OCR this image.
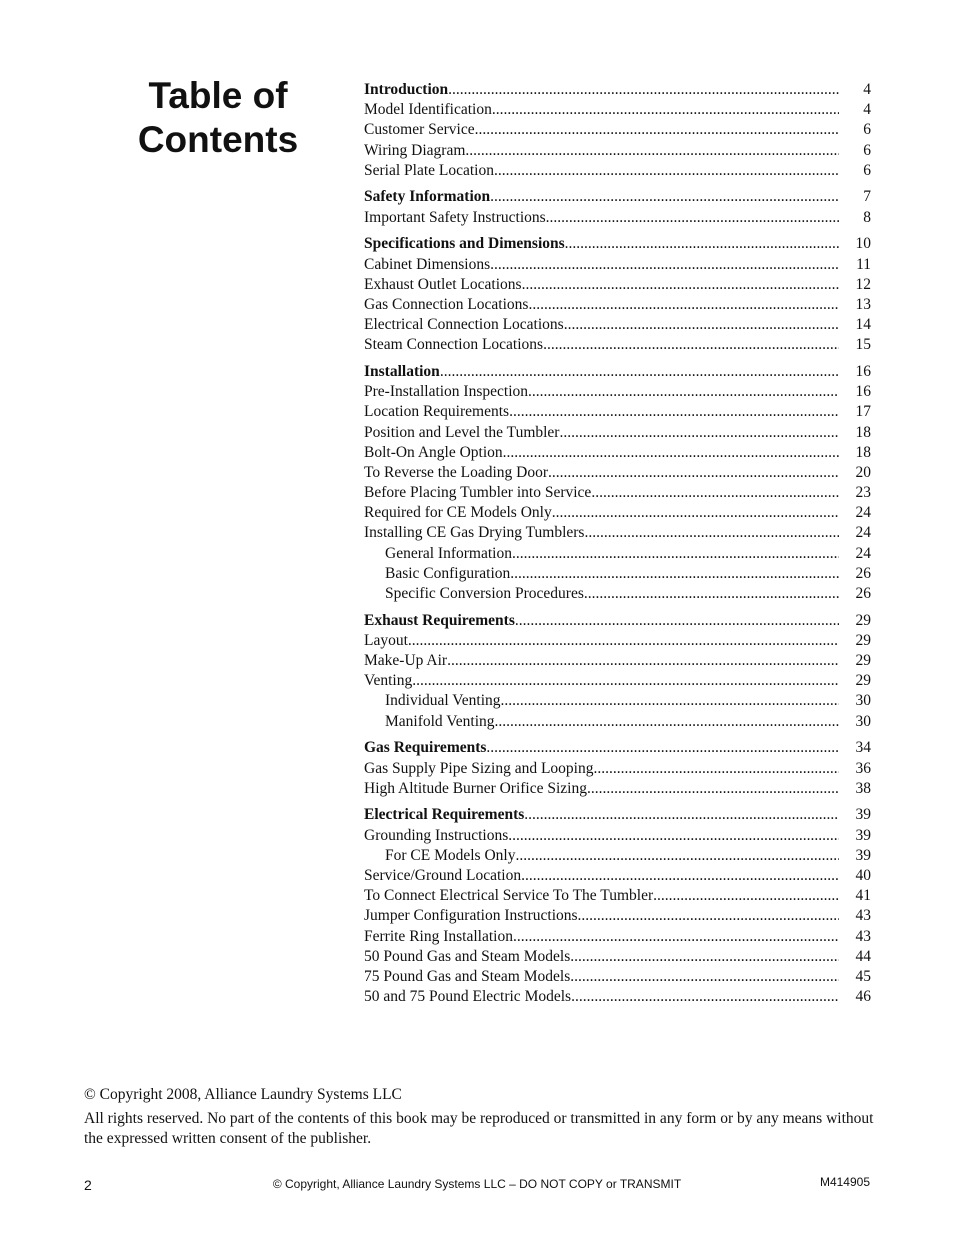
Table of
Contents
Introduction .....	4
Model Identification .....	4
Customer Service .....	6
Wiring Diagram .....	6
Serial Plate Location .....	6
Safety Information .....	7
Important Safety Instructions .....	8
Specifications and Dimensions .....	10
Cabinet Dimensions .....	11
Exhaust Outlet Locations .....	12
Gas Connection Locations .....	13
Electrical Connection Locations .....	14
Steam Connection Locations .....	15
Installation .....	16
Pre-Installation Inspection .....	16
Location Requirements .....	17
Position and Level the Tumbler .....	18
Bolt-On Angle Option .....	18
To Reverse the Loading Door .....	20
Before Placing Tumbler into Service .....	23
Required for CE Models Only .....	24
Installing CE Gas Drying Tumblers .....	24
General Information .....	24
Basic Configuration .....	26
Specific Conversion Procedures .....	26
Exhaust Requirements .....	29
Layout .....	29
Make-Up Air .....	29
Venting .....	29
Individual Venting .....	30
Manifold Venting .....	30
Gas Requirements .....	34
Gas Supply Pipe Sizing and Looping .....	36
High Altitude Burner Orifice Sizing .....	38
Electrical Requirements .....	39
Grounding Instructions .....	39
For CE Models Only .....	39
Service/Ground Location .....	40
To Connect Electrical Service To The Tumbler .....	41
Jumper Configuration Instructions .....	43
Ferrite Ring Installation .....	43
50 Pound Gas and Steam Models .....	44
75 Pound Gas and Steam Models .....	45
50 and 75 Pound Electric Models .....	46
© Copyright 2008, Alliance Laundry Systems LLC
All rights reserved. No part of the contents of this book may be reproduced or transmitted in any form or by any means without the expressed written consent of the publisher.
2	© Copyright, Alliance Laundry Systems LLC – DO NOT COPY or TRANSMIT	M414905
